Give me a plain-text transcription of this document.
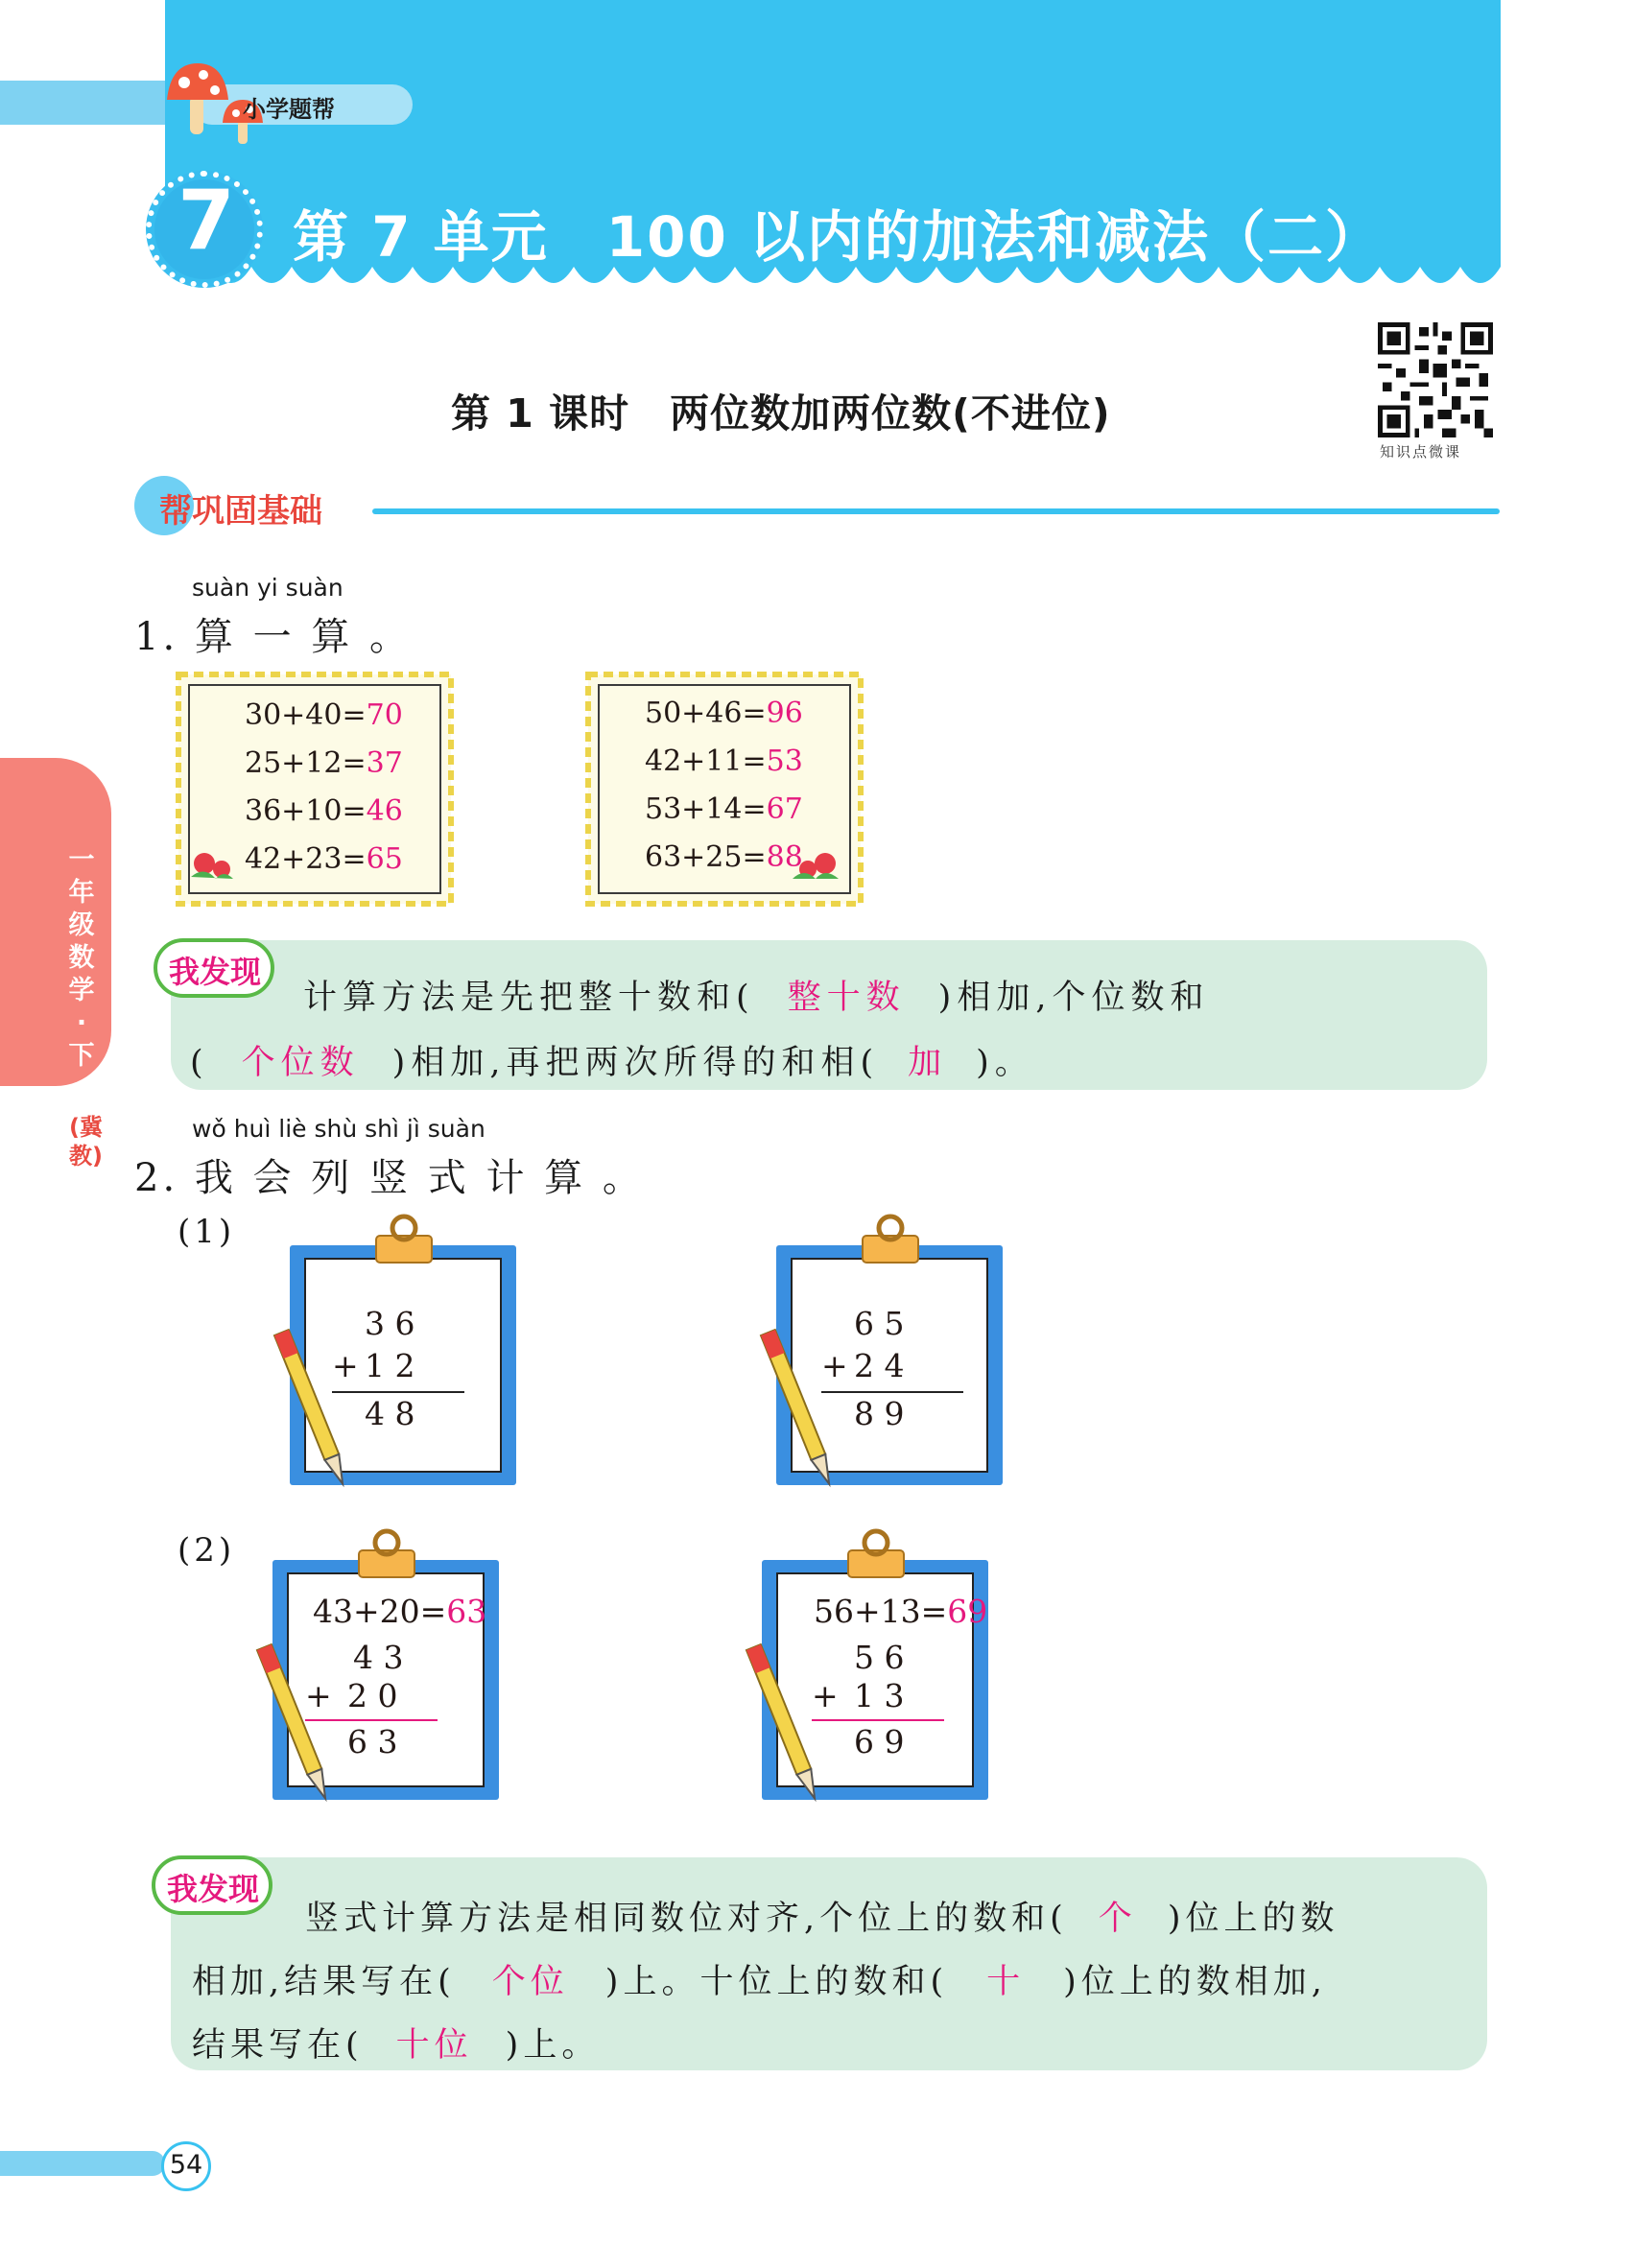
小学题帮
7	第 7 单元　100 以内的加法和减法（二）
第 1 课时　两位数加两位数(不进位)
知识点微课
帮巩固基础
一年级数学·下
(冀教)
suàn yi suàn
1. 算 一 算 。
30+40=70
25+12=37
36+10=46
42+23=65
50+46=96
42+11=53
53+14=67
63+25=88
我发现
计算方法是先把整十数和( 整十数 )相加,个位数和
( 个位数 )相加,再把两次所得的和相( 加 )。
wǒ huì liè shù shì jì suàn
2. 我 会 列 竖 式 计 算 。
(1)
(2)
3 6
+ 1 2
4 8
6 5
+ 2 4
8 9
43+20=63
4 3
+ 2 0
6 3
56+13=69
5 6
+ 1 3
6 9
我发现
竖式计算方法是相同数位对齐,个位上的数和( 个 )位上的数
相加,结果写在( 个位 )上。十位上的数和( 十 )位上的数相加,
结果写在( 十位 )上。
54
